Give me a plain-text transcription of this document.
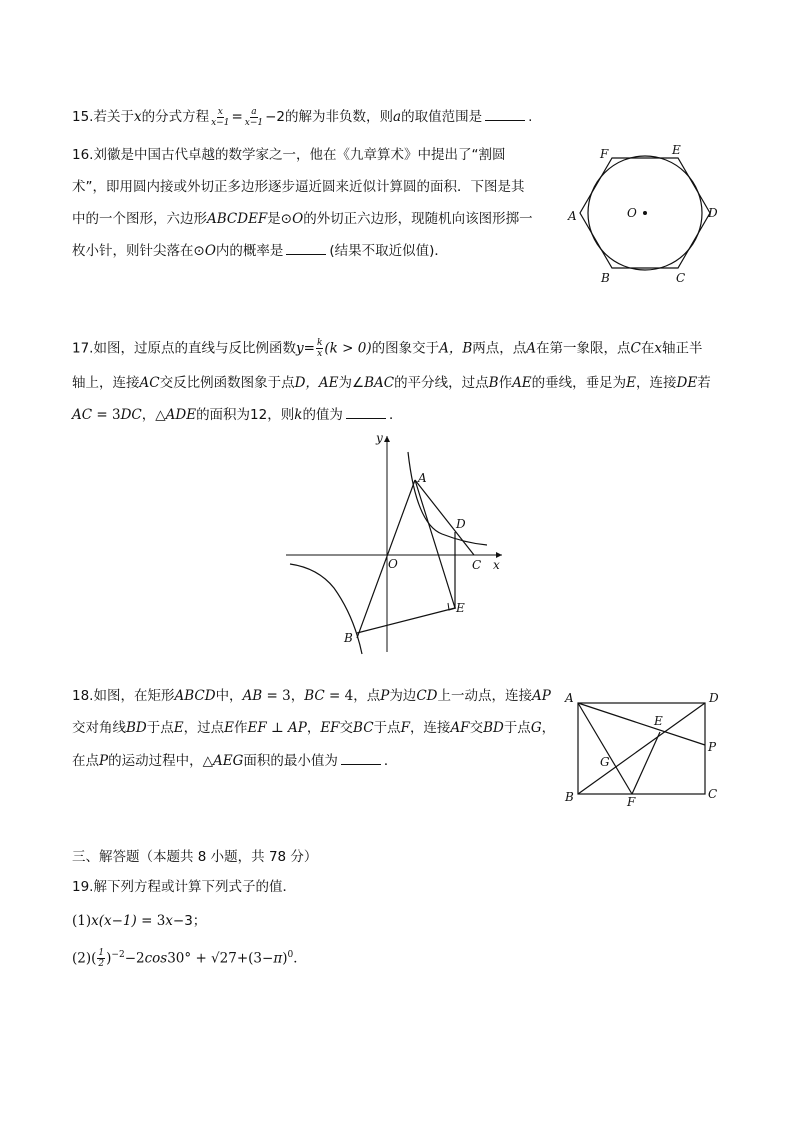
15.若关于x的分式方程 $\frac{x}{x-1} = \frac{a}{x-1} -2$的解为非负数，则a的取值范围是	.
16.刘徽是中国古代卓越的数学家之一，他在《九章算术》中提出了“割圆
术”，即用圆内接或外切正多边形逐步逼近圆来近似计算圆的面积．下图是其
中的一个图形，六边形ABCDEF是⊙O的外切正六边形，现随机向该图形掷一
枚小针，则针尖落在⊙O内的概率是	(结果不取近似值)．
F	E
A	D
O
B	C
17.如图，过原点的直线与反比例函数$y= \frac{k}{x} (k > 0)$的图象交于A，B两点，点A在第一象限，点C在x轴正半
轴上，连接AC交反比例函数图象于点D，AE为∠BAC的平分线，过点B作AE的垂线，垂足为E，连接DE若
AC = 3DC，△ADE的面积为12，则k的值为	．
y
x
A
D
O	C
E
B
18.如图，在矩形ABCD中，AB = 3，BC = 4，点P为边CD上一动点，连接AP
交对角线BD于点E，过点E作EF ⊥ AP，EF交BC于点F，连接AF交BD于点G，
在点P的运动过程中，△AEG面积的最小值为	．
A	D
E
P
G
B	F
C
三、解答题（本题共 8 小题，共 78 分）
19.解下列方程或计算下列式子的值．
(1)x(x−1) = 3x−3；
$(2)( \frac{1}{2} )^{-2}-2\cos 30^\circ + √27+(3-\pi)^0$．
